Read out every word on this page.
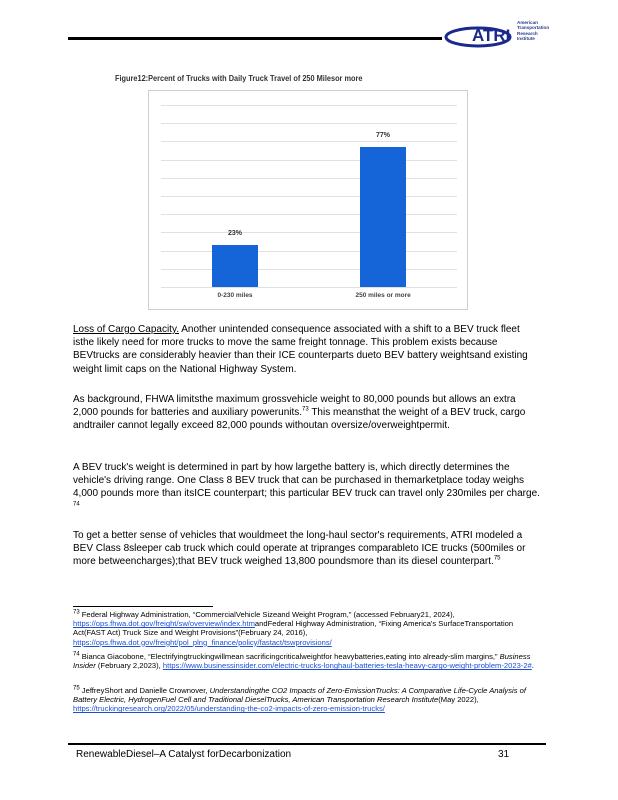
ATRI
American
Transportation
Research
Institute
Figure12:Percent of Trucks with Daily Truck Travel of 250 Milesor more
23%
0-230 miles
77%
250 miles or more
Loss of Cargo Capacity. Another unintended consequence associated with a shift to a BEV truck fleet isthe likely need for more trucks to move the same freight tonnage. This problem exists because BEVtrucks are considerably heavier than their ICE counterparts dueto BEV battery weightsand existing weight limit caps on the National Highway System.
As background, FHWA limitsthe maximum grossvehicle weight to 80,000 pounds but allows an extra 2,000 pounds for batteries and auxiliary powerunits.$^{73}$ This meansthat the weight of a BEV truck, cargo andtrailer cannot legally exceed 82,000 pounds withoutan oversize/overweightpermit.
A BEV truck's weight is determined in part by how largethe battery is, which directly determines the vehicle's driving range. One Class 8 BEV truck that can be purchased in themarketplace today weighs 4,000 pounds more than itsICE counterpart; this particular BEV truck can travel only 230miles per charge. $^{74}$
To get a better sense of vehicles that wouldmeet the long-haul sector's requirements, ATRI modeled a BEV Class 8sleeper cab truck which could operate at tripranges comparableto ICE trucks (500miles or more betweencharges);that BEV truck weighed 13,800 poundsmore than its diesel counterpart.$^{75}$
$^{73}$ Federal Highway Administration, “CommercialVehicle Sizeand Weight Program,” (accessed February21, 2024),
https://ops.fhwa.dot.gov/freight/sw/overview/index.htmandFederal Highway Administration, “Fixing America's SurfaceTransportation Act(FAST Act) Truck Size and Weight Provisions”(February 24, 2016),
https://ops.fhwa.dot.gov/freight/pol_plng_finance/policy/fastact/tswprovisions/
$^{74}$ Bianca Giacobone, “Electrifyingtruckingwillmean sacrificingcriticalweightfor heavybatteries,eating into already-slim margins,” Business Insider (February 2,2023), https://www.businessinsider.com/electric-trucks-longhaul-batteries-tesla-heavy-cargo-weight-problem-2023-2#.
$^{75}$ JeffreyShort and Danielle Crownover, Understandingthe CO2 Impacts of Zero-EmissionTrucks: A Comparative Life-Cycle Analysis of Battery Electric, HydrogenFuel Cell and Traditional DieselTrucks, American Transportation Research Institute(May 2022), https://truckingresearch.org/2022/05/understanding-the-co2-impacts-of-zero-emission-trucks/
RenewableDiesel–A Catalyst forDecarbonization	31
